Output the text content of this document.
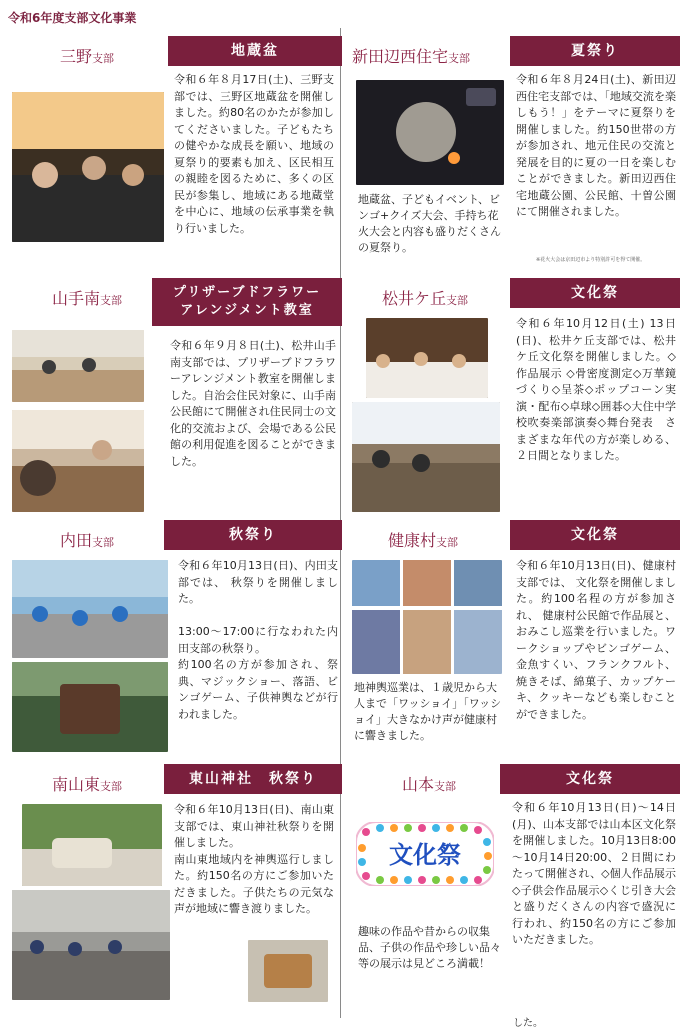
令和6年度支部文化事業
三野支部	地蔵盆
令和６年８月17日(土)、三野支部では、三野区地蔵盆を開催しました。約80名のかたが参加してくださいました。子どもたちの健やかな成長を願い、地域の夏祭り的要素も加え、区民相互の親睦を図るために、多くの区民が参集し、地域にある地蔵堂を中心に、地域の伝承事業を執り行いました。
新田辺西住宅支部	夏祭り
地蔵盆、子どもイベント、ビンゴ+クイズ大会、手持ち花火大会と内容も盛りだくさんの夏祭り。
令和６年８月24日(土)、新田辺西住宅支部では、「地域交流を楽しもう！」をテーマに夏祭りを開催しました。約150世帯の方が参加され、地元住民の交流と発展を目的に夏の一日を楽しむことができました。新田辺西住宅地蔵公園、公民館、十曽公園にて開催されました。
※花火大会は京田辺市より特別許可を得て開催。
山手南支部
プリザーブドフラワー
アレンジメント教室
令和６年９月８日(土)、松井山手南支部では、プリザーブドフラワーアレンジメント教室を開催しました。自治会住民対象に、山手南公民館にて開催され住民同士の文化的交流および、会場である公民館の利用促進を図ることができました。
松井ケ丘支部	文化祭
令和６年10月12日(土) 13日(日)、松井ケ丘支部では、松井ケ丘文化祭を開催しました。◇作品展示 ◇骨密度測定◇万華鏡づくり◇呈茶◇ポップコーン実演・配布◇卓球◇囲碁◇大住中学校吹奏楽部演奏◇舞台発表　さまざまな年代の方が楽しめる、２日間となりました。
内田支部	秋祭り
令和６年10月13日(日)、内田支部では、 秋祭りを開催しました。

13:00～17:00に行なわれた内田支部の秋祭り。
約100名の方が参加され、祭典、マジックショー、落語、ビンゴゲーム、子供神輿などが行われました。
健康村支部	文化祭
地神輿巡業は、１歳児から大人まで「ワッショイ」「ワッショイ」大きなかけ声が健康村に響きました。
令和６年10月13日(日)、健康村支部では、 文化祭を開催しました。約100名程の方が参加され、 健康村公民館で作品展と、おみこし巡業を行いました。ワークショップやビンゴゲーム、金魚すくい、フランクフルト、焼きそば、綿菓子、カップケーキ、クッキーなども楽しむことができました。
南山東支部	東山神社　秋祭り
令和６年10月13日(日)、南山東支部では、東山神社秋祭りを開催しました。
南山東地域内を神輿巡行しました。約150名の方にご参加いただきました。子供たちの元気な声が地域に響き渡りました。
山本支部	文化祭
趣味の作品や昔からの収集品、子供の作品や珍しい品々等の展示は見どころ満載！
令和６年10月13日(日)～14日(月)、山本支部では山本区文化祭を開催しました。10月13日8:00～10月14日20:00、２日間にわたって開催され、◇個人作品展示◇子供会作品展示◇くじ引き大会と盛りだくさんの内容で盛況に行われ、約150名の方にご参加いただきました。
文化祭
した。
